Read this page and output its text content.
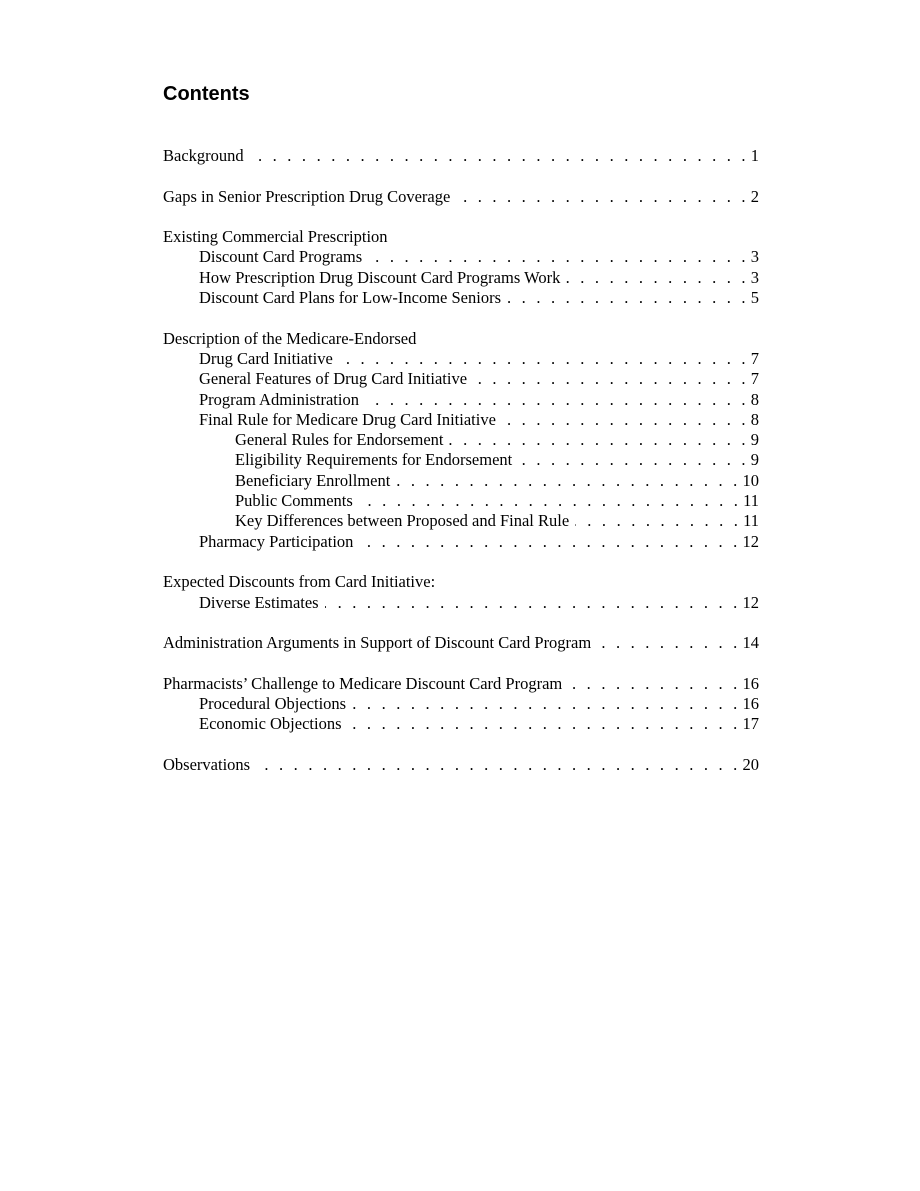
Contents
Background . . .	1
Gaps in Senior Prescription Drug Coverage . . .	2
Existing Commercial Prescription
Discount Card Programs . . .	3
How Prescription Drug Discount Card Programs Work . . .	3
Discount Card Plans for Low-Income Seniors . . .	5
Description of the Medicare-Endorsed
Drug Card Initiative . . .	7
General Features of Drug Card Initiative . . .	7
Program Administration . . .	8
Final Rule for Medicare Drug Card Initiative . . .	8
General Rules for Endorsement . . .	9
Eligibility Requirements for Endorsement . . .	9
Beneficiary Enrollment . . .	10
Public Comments . . .	11
Key Differences between Proposed and Final Rule . . .	11
Pharmacy Participation . . .	12
Expected Discounts from Card Initiative:
Diverse Estimates . . .	12
Administration Arguments in Support of Discount Card Program . . .	14
Pharmacists’ Challenge to Medicare Discount Card Program . . .	16
Procedural Objections . . .	16
Economic Objections . . .	17
Observations . . .	20
